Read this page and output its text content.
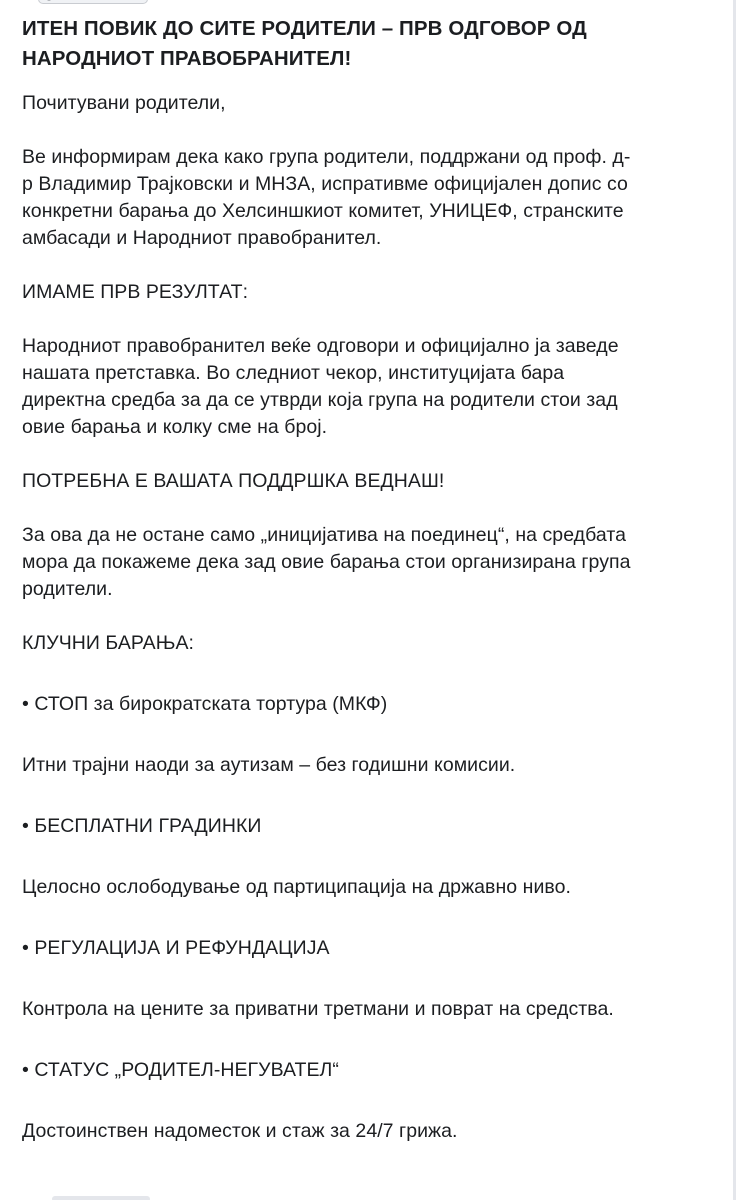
ИТЕН ПОВИК ДО СИТЕ РОДИТЕЛИ – ПРВ ОДГОВОР ОД
НАРОДНИОТ ПРАВОБРАНИТЕЛ!
Почитувани родители,
Ве информирам дека како група родители, поддржани од проф. д-
р Владимир Трајковски и МНЗА, испративме официјален допис со
конкретни барања до Хелсиншкиот комитет, УНИЦЕФ, странските
амбасади и Народниот правобранител.
ИМАМЕ ПРВ РЕЗУЛТАТ:
Народниот правобранител веќе одговори и официјално ја заведе
нашата претставка. Во следниот чекор, институцијата бара
директна средба за да се утврди која група на родители стои зад
овие барања и колку сме на број.
ПОТРЕБНА Е ВАШАТА ПОДДРШКА ВЕДНАШ!
За ова да не остане само „иницијатива на поединец“, на средбата
мора да покажеме дека зад овие барања стои организирана група
родители.
КЛУЧНИ БАРАЊА:
• СТОП за бирократската тортура (МКФ)
Итни трајни наоди за аутизам – без годишни комисии.
• БЕСПЛАТНИ ГРАДИНКИ
Целосно ослободување од партиципација на државно ниво.
• РЕГУЛАЦИЈА И РЕФУНДАЦИЈА
Контрола на цените за приватни третмани и поврат на средства.
• СТАТУС „РОДИТЕЛ-НЕГУВАТЕЛ“
Достоинствен надоместок и стаж за 24/7 грижа.
